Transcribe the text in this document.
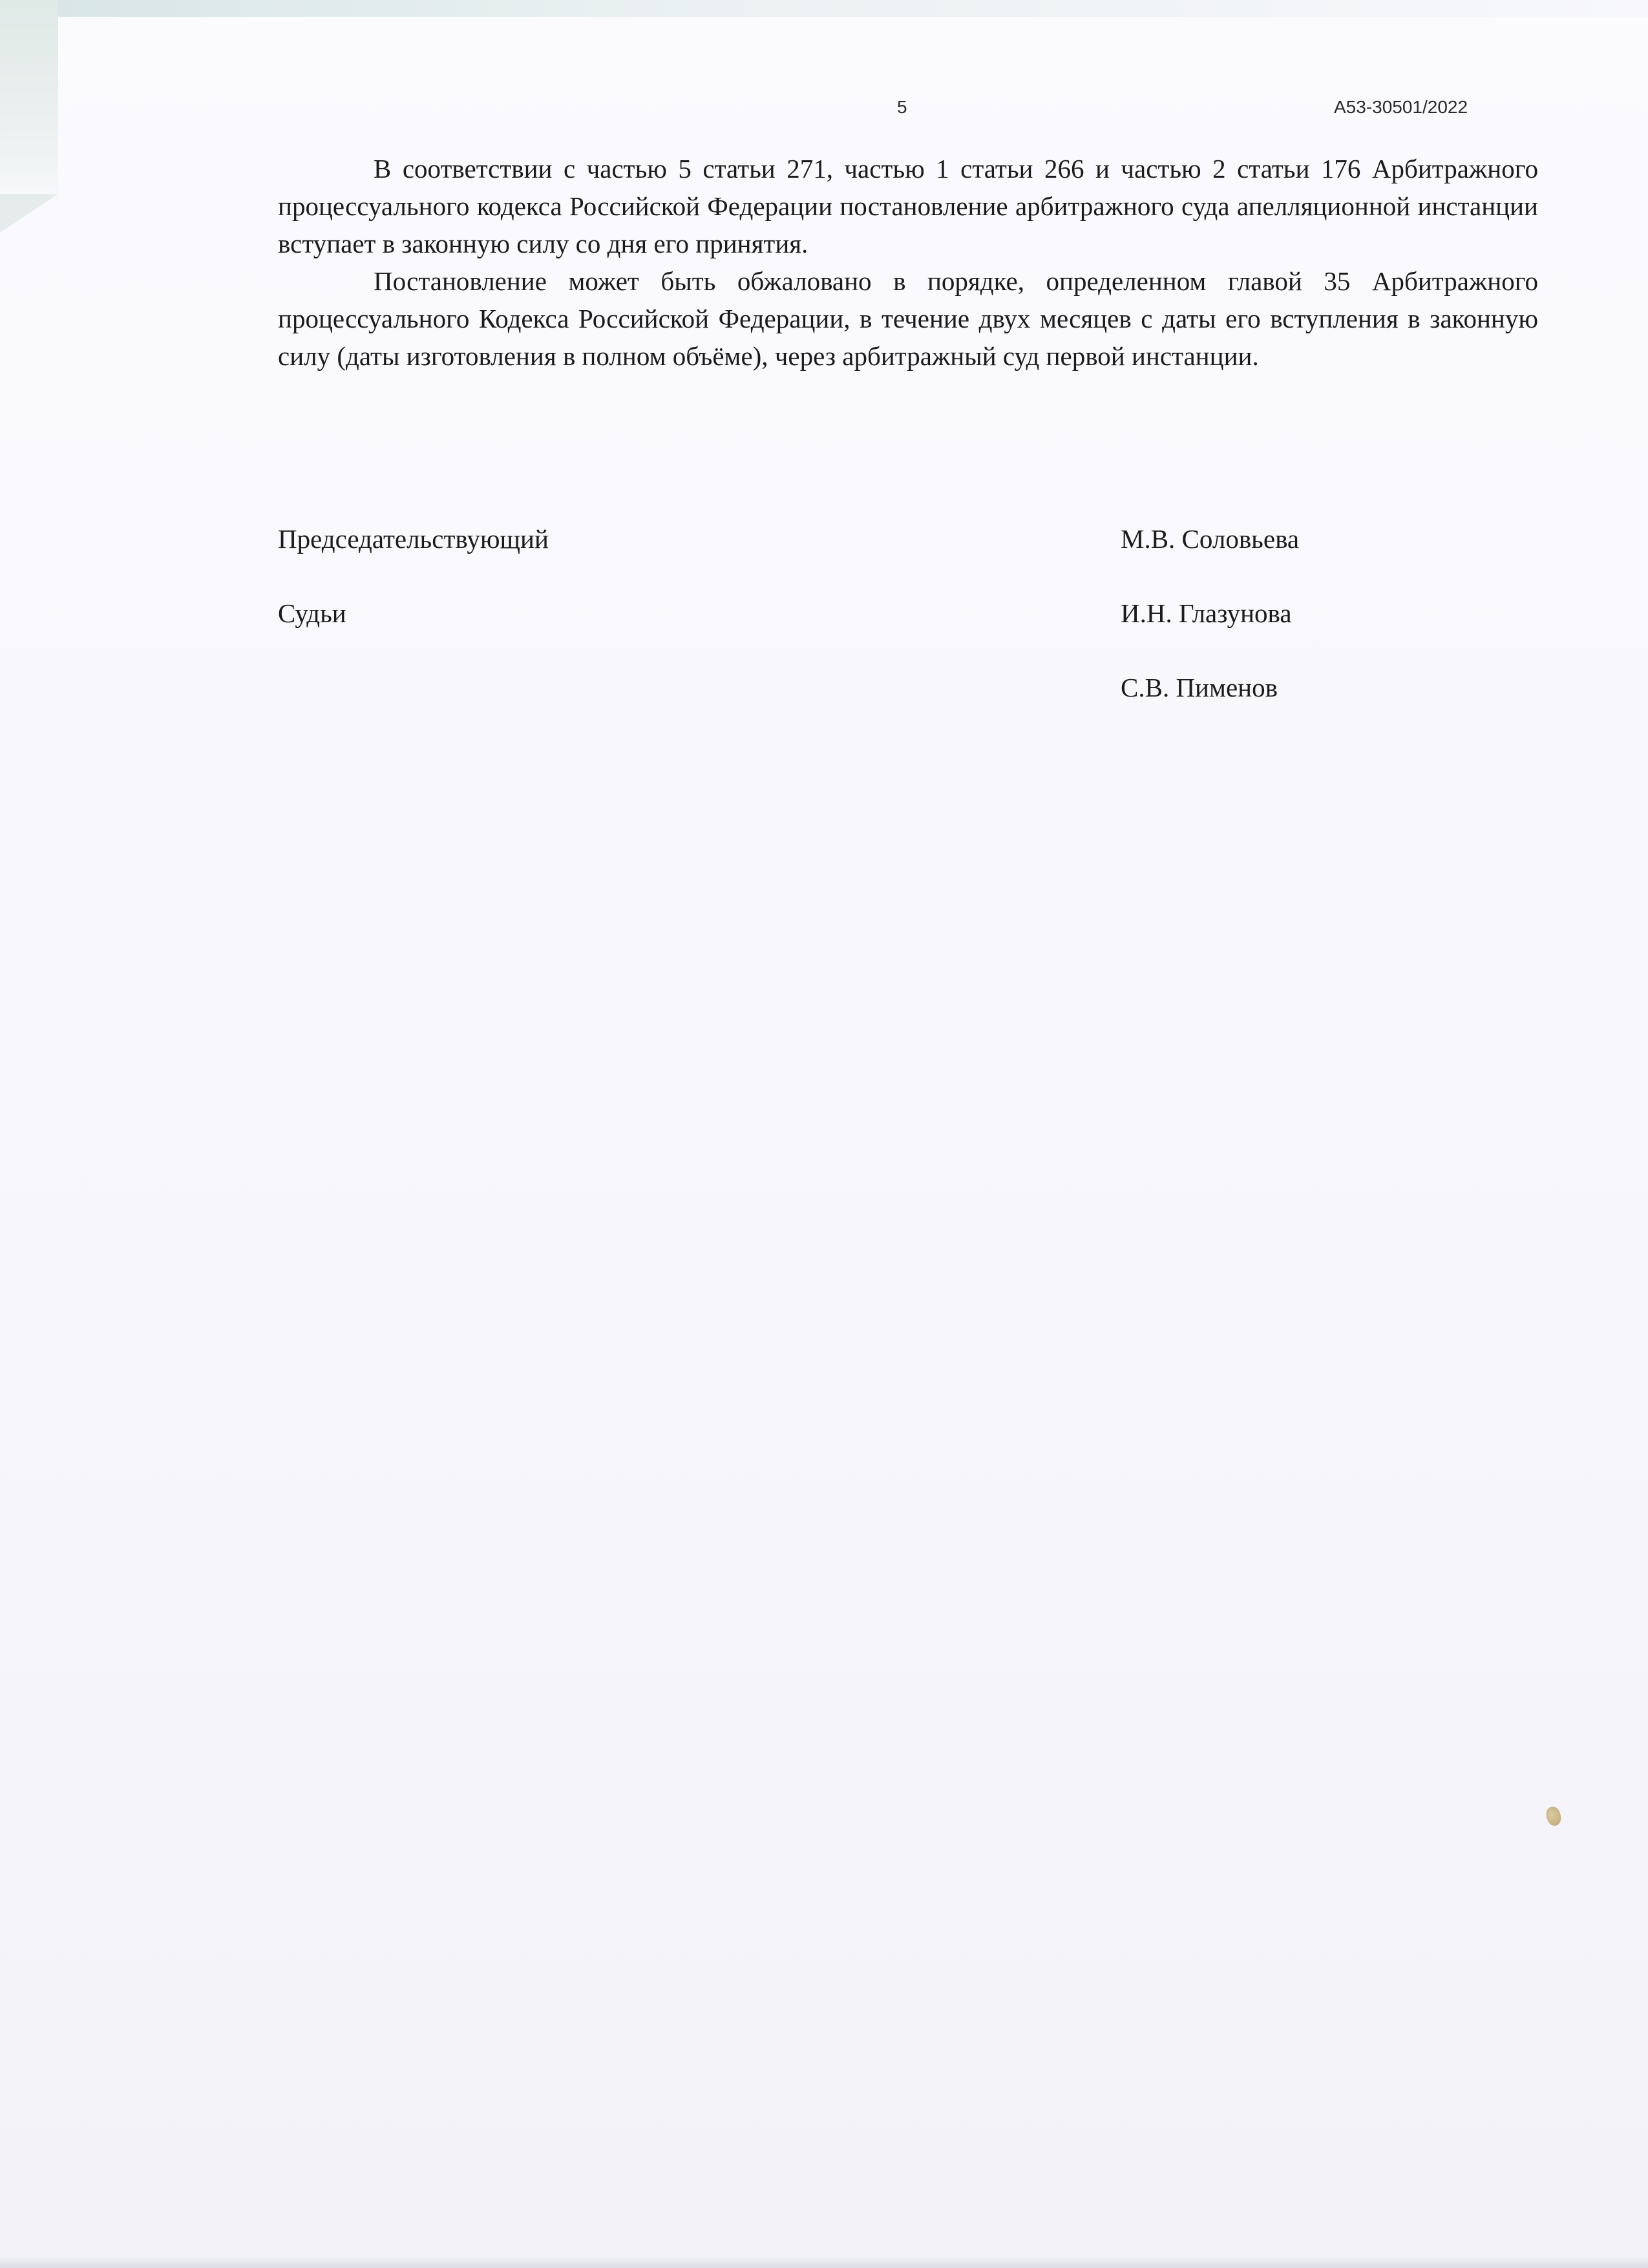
5	А53-30501/2022

В соответствии с частью 5 статьи 271, частью 1 статьи 266 и частью 2 статьи 176 Арбитражного процессуального кодекса Российской Федерации постановление арбитражного суда апелляционной инстанции вступает в законную силу со дня его принятия.

Постановление может быть обжаловано в порядке, определенном главой 35 Арбитражного процессуального Кодекса Российской Федерации, в течение двух месяцев с даты его вступления в законную силу (даты изготовления в полном объёме), через арбитражный суд первой инстанции.

Председательствующий	М.В. Соловьева
Судьи	И.Н. Глазунова
С.В. Пименов
